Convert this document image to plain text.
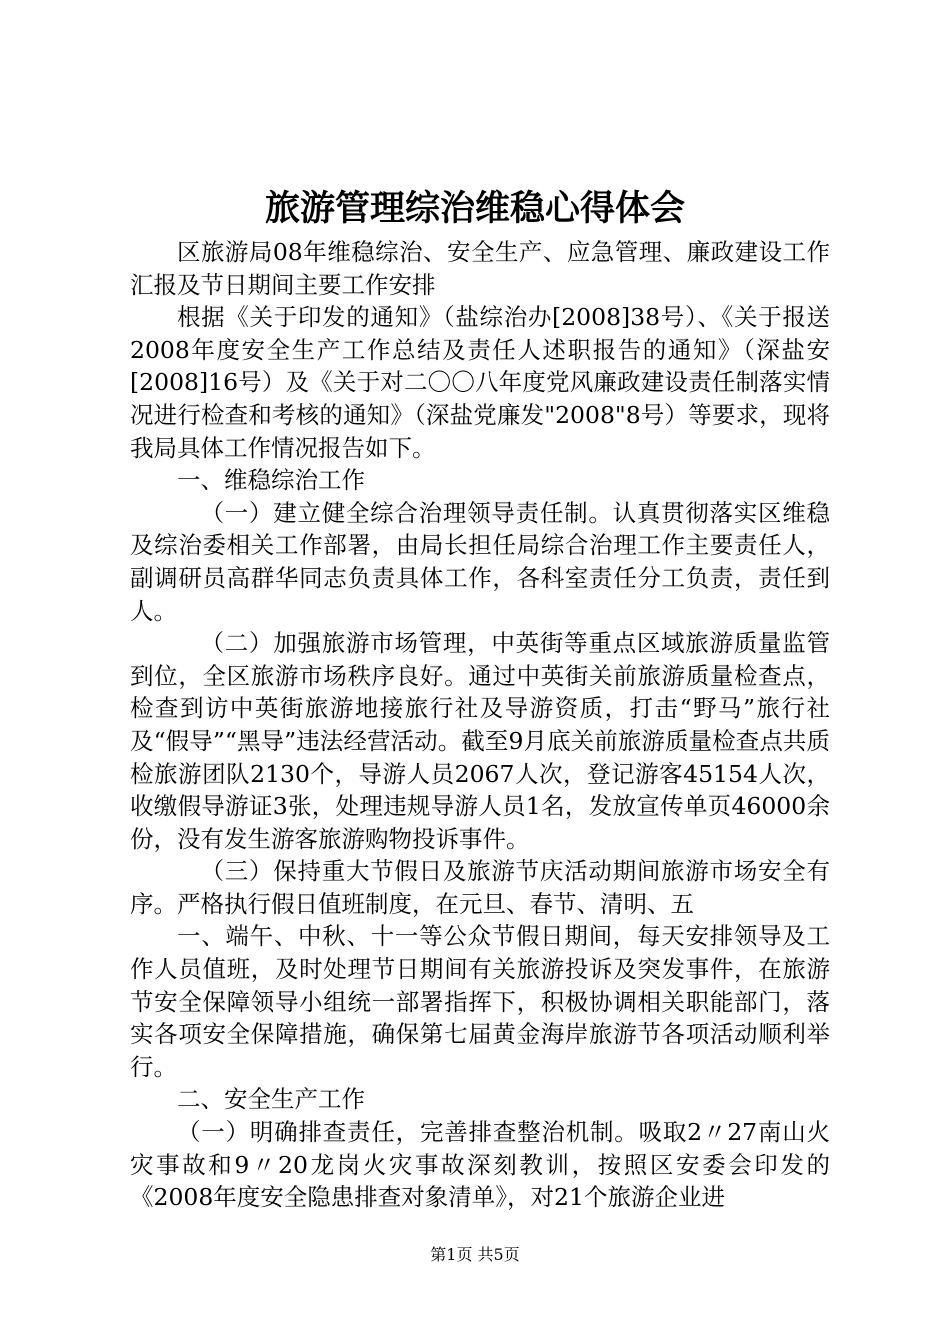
旅游管理综治维稳心得体会

区旅游局08年维稳综治、安全生产、应急管理、廉政建设工作汇报及节日期间主要工作安排

根据《关于印发的通知》（盐综治办[2008]38号）、《关于报送2008年度安全生产工作总结及责任人述职报告的通知》（深盐安[2008]16号）及《关于对二〇〇八年度党风廉政建设责任制落实情况进行检查和考核的通知》（深盐党廉发"2008"8号）等要求，现将我局具体工作情况报告如下。

一、维稳综治工作

（一）建立健全综合治理领导责任制。认真贯彻落实区维稳及综治委相关工作部署，由局长担任局综合治理工作主要责任人，副调研员高群华同志负责具体工作，各科室责任分工负责，责任到人。

（二）加强旅游市场管理，中英街等重点区域旅游质量监管到位，全区旅游市场秩序良好。通过中英街关前旅游质量检查点，检查到访中英街旅游地接旅行社及导游资质，打击“野马”旅行社及“假导”“黑导”违法经营活动。截至9月底关前旅游质量检查点共质检旅游团队2130个，导游人员2067人次，登记游客45154人次，收缴假导游证3张，处理违规导游人员1名，发放宣传单页46000余份，没有发生游客旅游购物投诉事件。

（三）保持重大节假日及旅游节庆活动期间旅游市场安全有序。严格执行假日值班制度，在元旦、春节、清明、五

一、端午、中秋、十一等公众节假日期间，每天安排领导及工作人员值班，及时处理节日期间有关旅游投诉及突发事件，在旅游节安全保障领导小组统一部署指挥下，积极协调相关职能部门，落实各项安全保障措施，确保第七届黄金海岸旅游节各项活动顺利举行。

二、安全生产工作

（一）明确排查责任，完善排查整治机制。吸取2〃27南山火灾事故和9〃20龙岗火灾事故深刻教训，按照区安委会印发的《2008年度安全隐患排查对象清单》，对21个旅游企业进

第1页 共5页
